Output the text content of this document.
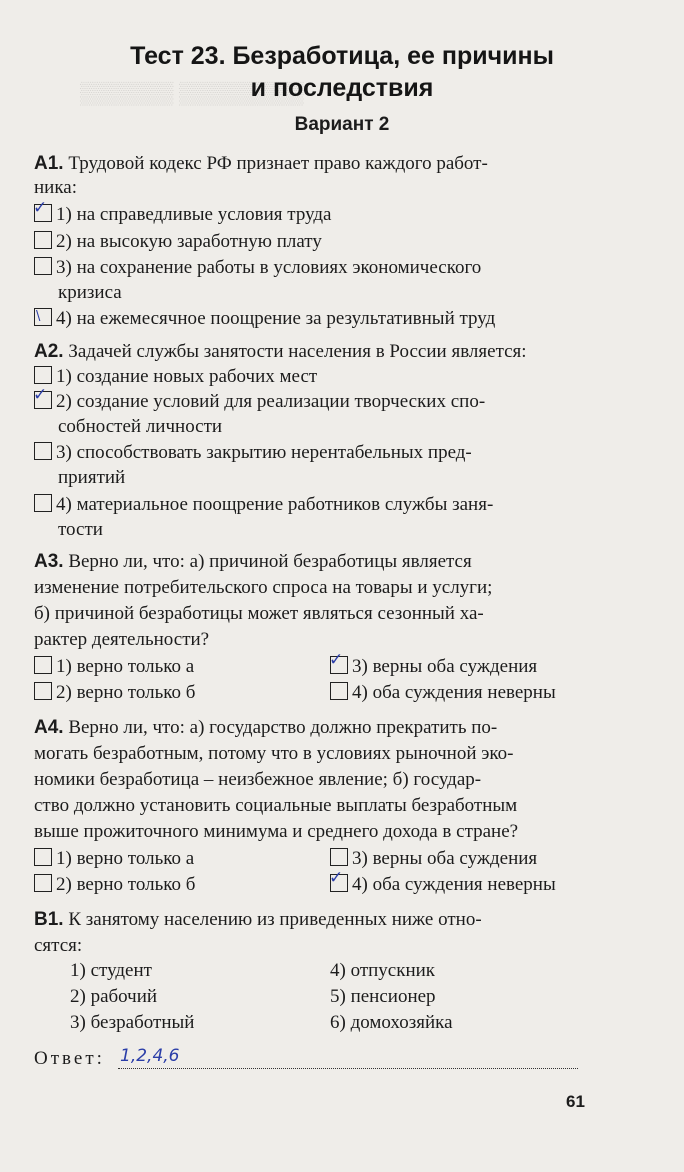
▒▒▒▒▒▒ ▒▒▒▒▒▒▒▒
Тест 23. Безработица, ее причины
и последствия
Вариант 2
А1. Трудовой кодекс РФ признает право каждого работ-
ника:
✓ 1) на справедливые условия труда
2) на высокую заработную плату
3) на сохранение работы в условиях экономического
кризиса
\ 4) на ежемесячное поощрение за результативный труд
А2. Задачей службы занятости населения в России является:
1) создание новых рабочих мест
✓ 2) создание условий для реализации творческих спо-
собностей личности
3) способствовать закрытию нерентабельных пред-
приятий
4) материальное поощрение работников службы заня-
тости
А3. Верно ли, что: а) причиной безработицы является
изменение потребительского спроса на товары и услуги;
б) причиной безработицы может являться сезонный ха-
рактер деятельности?
1) верно только а	✓ 3) верны оба суждения
2) верно только б	4) оба суждения неверны
А4. Верно ли, что: а) государство должно прекратить по-
могать безработным, потому что в условиях рыночной эко-
номики безработица – неизбежное явление; б) государ-
ство должно установить социальные выплаты безработным
выше прожиточного минимума и среднего дохода в стране?
1) верно только а	3) верны оба суждения
2) верно только б	✓ 4) оба суждения неверны
В1. К занятому населению из приведенных ниже отно-
сятся:
1) студент
2) рабочий
3) безработный
4) отпускник
5) пенсионер
6) домохозяйка
Ответ: 1,2,4,6
61
